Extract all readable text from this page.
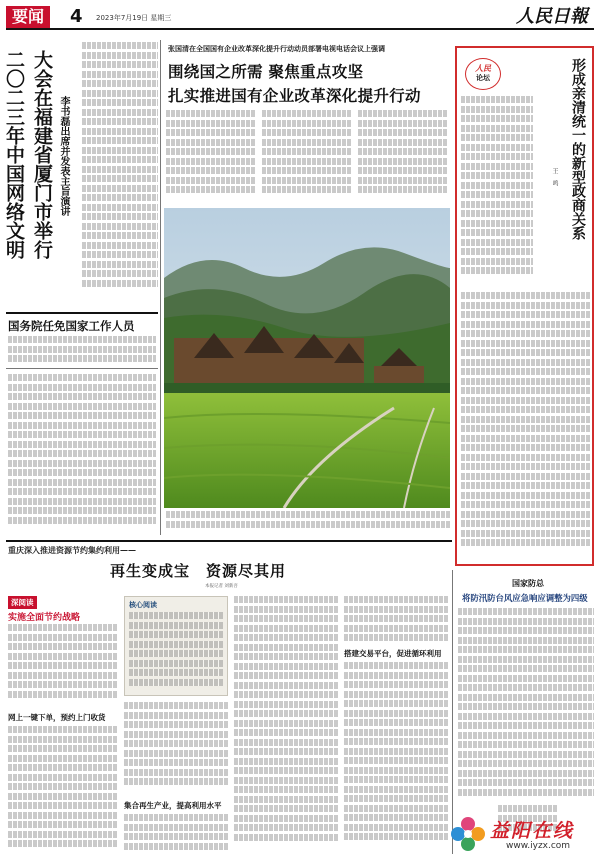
要闻	4 2023年7月19日 星期三	人民日報
二〇二三年中国网络文明 大会在福建省厦门市举行 李书磊出席并发表主旨演讲
国务院任免国家工作人员
张国清在全国国有企业改革深化提升行动动员部署电视电话会议上强调
围绕国之所需 聚焦重点攻坚
扎实推进国有企业改革深化提升行动
人民
论坛	形成亲清统一的新型政商关系
王　鸣
重庆深入推进资源节约集约利用——
再生变成宝　资源尽其用
本报记者 刘新吾
深阅读
实施全面节约战略
网上一键下单，预约上门收货
核心阅读
集合再生产业，提高利用水平
搭建交易平台，促进循环利用
国家防总
将防汛防台风应急响应调整为四级
益阳在线
www.iyzx.com
